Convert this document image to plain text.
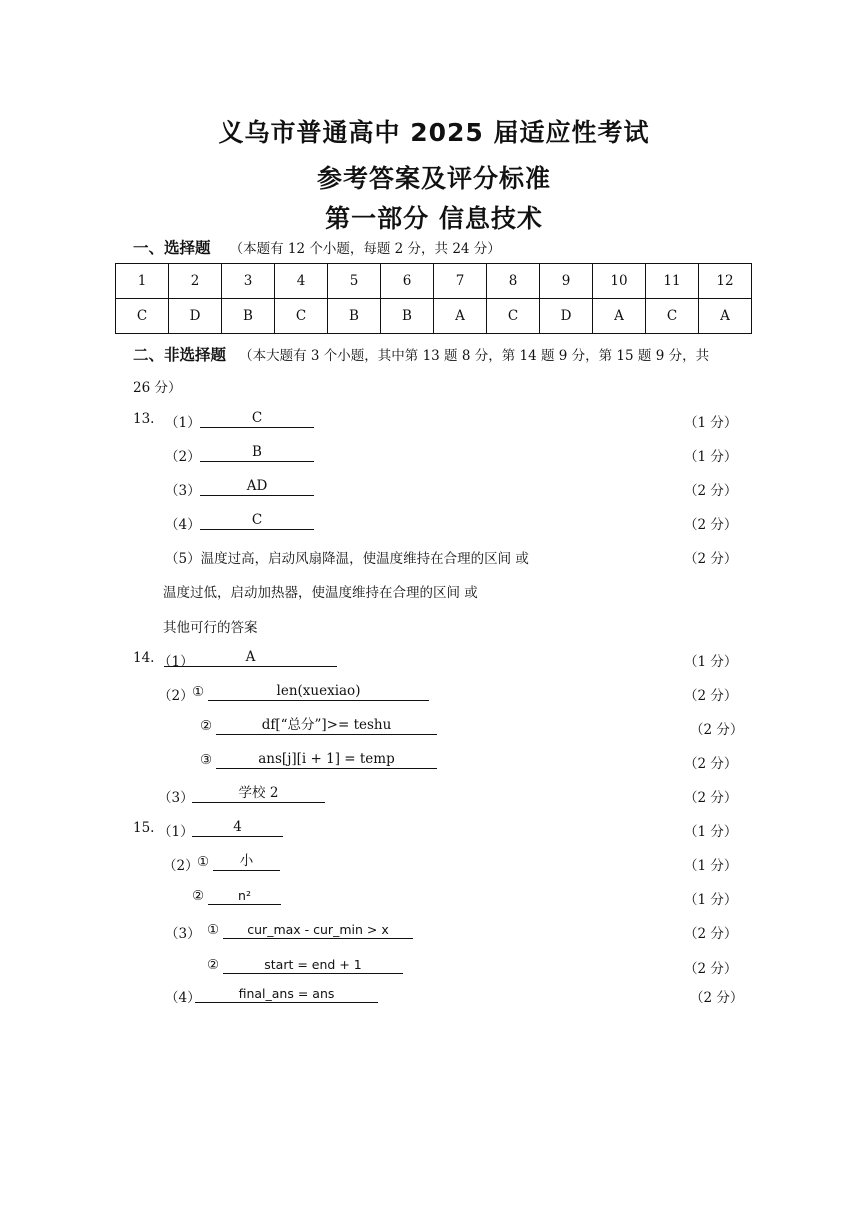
义乌市普通高中 2025 届适应性考试
参考答案及评分标准
第一部分 信息技术
一、选择题 （本题有 12 个小题，每题 2 分，共 24 分）
1	2	3	4	5	6	7	8	9	10	11	12
C	D	B	C	B	B	A	C	D	A	C	A
二、非选择题 （本大题有 3 个小题，其中第 13 题 8 分，第 14 题 9 分，第 15 题 9 分，共
26 分）
13. （1）	C	（1 分）
（2）	B	（1 分）
（3）	AD	（2 分）
（4）	C	（2 分）
（5）温度过高，启动风扇降温，使温度维持在合理的区间 或	（2 分）
温度过低，启动加热器，使温度维持在合理的区间 或
其他可行的答案
14. （1）	A	（1 分）
（2）
①	len(xuexiao)	（2 分）
②	df[“总分”]>= teshu	（2 分）
③	ans[j][i + 1] = temp	（2 分）
（3）	学校 2	（2 分）
15. （1）	4	（1 分）
（2）
①	小	（1 分）
②	n²	（1 分）
（3） ①	cur_max - cur_min > x	（2 分）
②	start = end + 1	（2 分）
（4）	final_ans = ans	（2 分）
